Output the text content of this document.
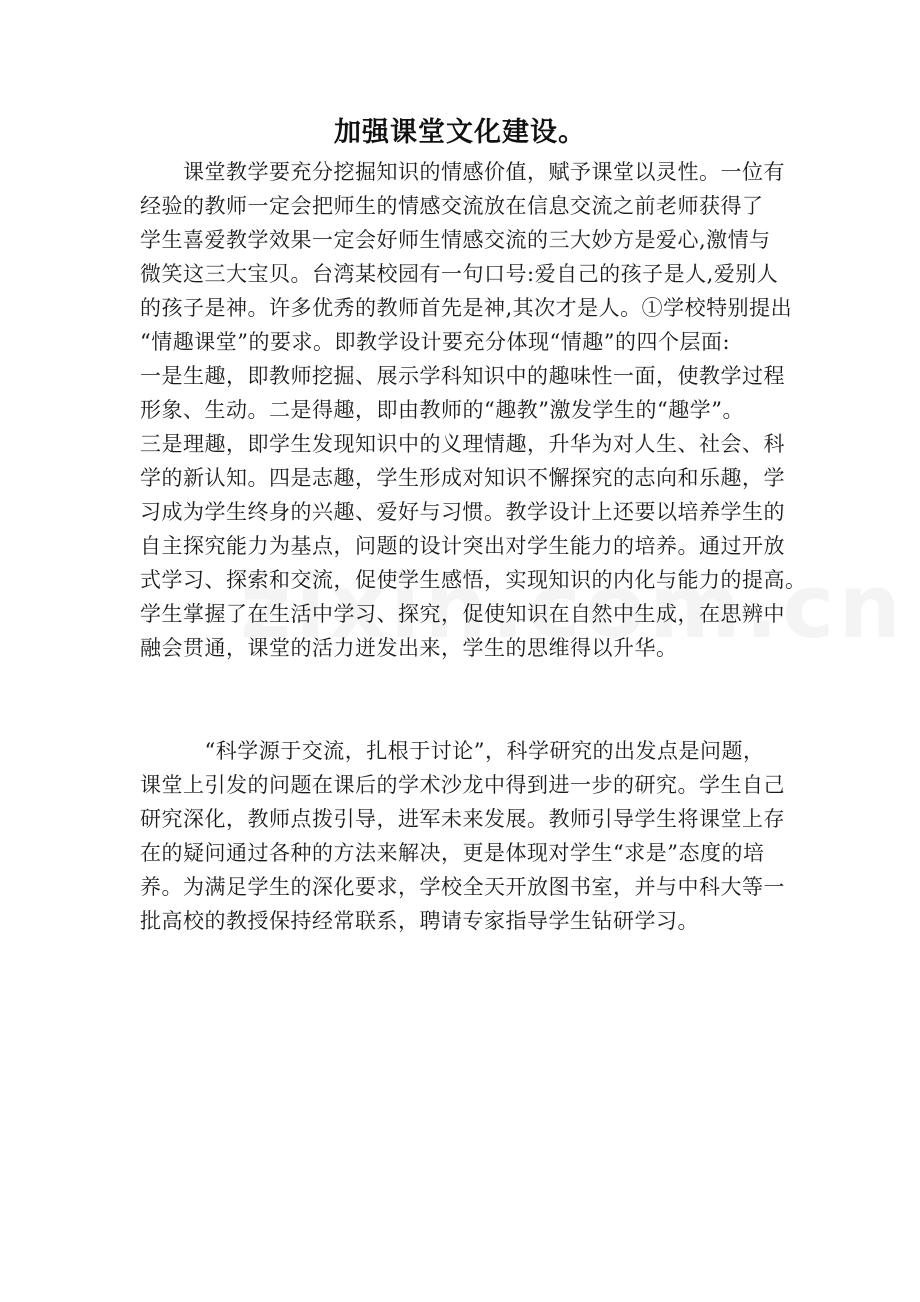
加强课堂文化建设。
　　课堂教学要充分挖掘知识的情感价值，赋予课堂以灵性。一位有
经验的教师一定会把师生的情感交流放在信息交流之前老师获得了
学生喜爱教学效果一定会好师生情感交流的三大妙方是爱心,激情与
微笑这三大宝贝。台湾某校园有一句口号:爱自己的孩子是人,爱别人
的孩子是神。许多优秀的教师首先是神,其次才是人。①学校特别提出
“情趣课堂”的要求。即教学设计要充分体现“情趣”的四个层面:
一是生趣，即教师挖掘、展示学科知识中的趣味性一面，使教学过程
形象、生动。二是得趣，即由教师的“趣教”激发学生的“趣学”。
三是理趣，即学生发现知识中的义理情趣，升华为对人生、社会、科
学的新认知。四是志趣，学生形成对知识不懈探究的志向和乐趣，学
习成为学生终身的兴趣、爱好与习惯。教学设计上还要以培养学生的
自主探究能力为基点，问题的设计突出对学生能力的培养。通过开放
式学习、探索和交流，促使学生感悟，实现知识的内化与能力的提高。
学生掌握了在生活中学习、探究，促使知识在自然中生成，在思辨中
融会贯通，课堂的活力迸发出来，学生的思维得以升华。
　　　“科学源于交流，扎根于讨论”，科学研究的出发点是问题，
课堂上引发的问题在课后的学术沙龙中得到进一步的研究。学生自己
研究深化，教师点拨引导，进军未来发展。教师引导学生将课堂上存
在的疑问通过各种的方法来解决，更是体现对学生“求是”态度的培
养。为满足学生的深化要求，学校全天开放图书室，并与中科大等一
批高校的教授保持经常联系，聘请专家指导学生钻研学习。
